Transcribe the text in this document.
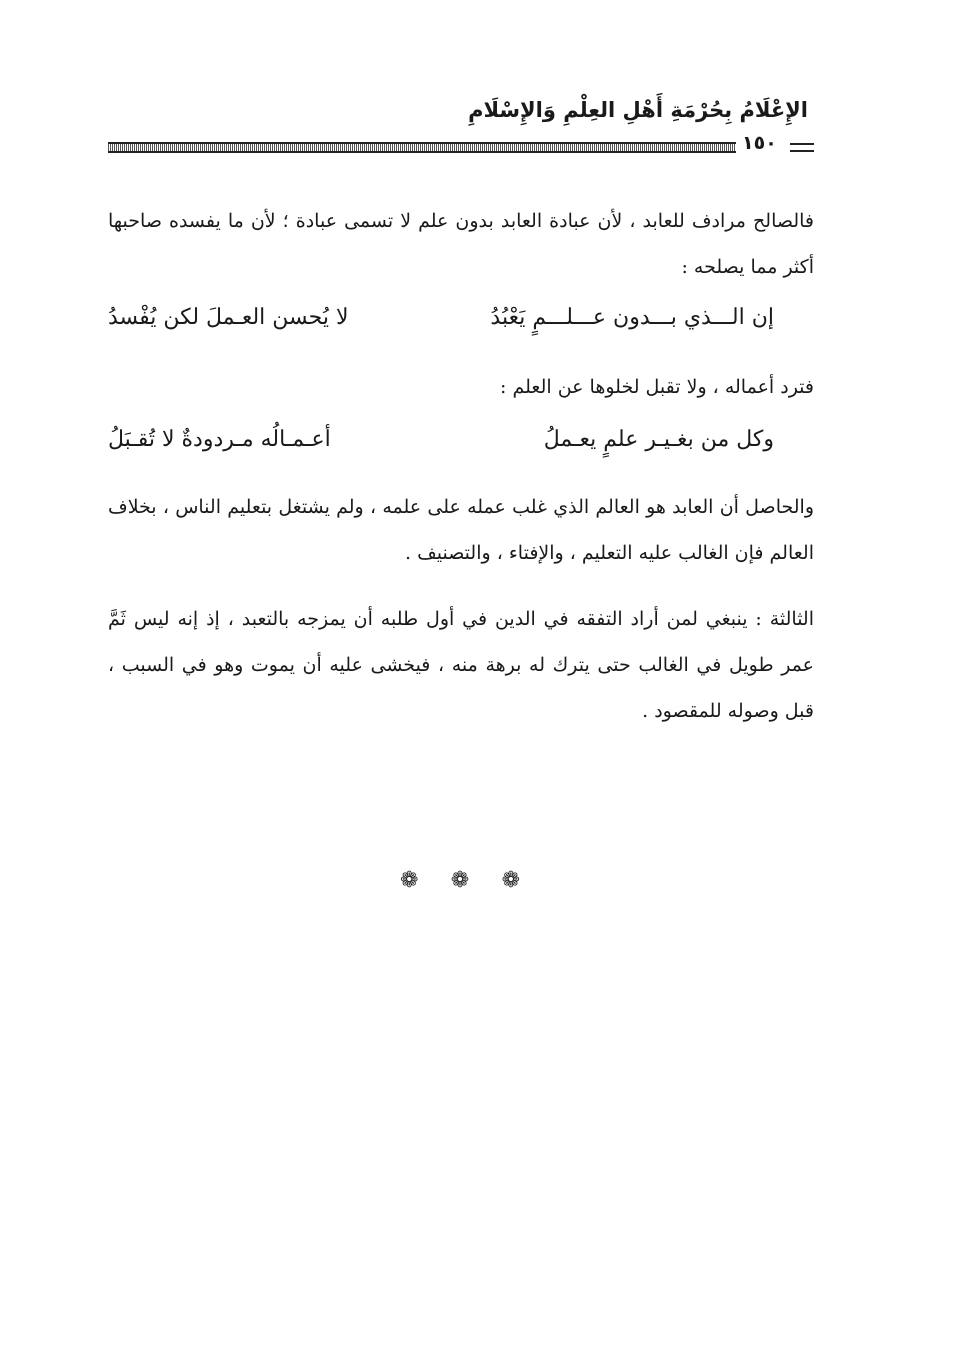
الإِعْلَامُ بِحُرْمَةِ أَهْلِ العِلْمِ وَالإِسْلَامِ
١٥٠
فالصالح مرادف للعابد ، لأن عبادة العابد بدون علم لا تسمى عبادة ؛ لأن ما يفسده صاحبها أكثر مما يصلحه :
إن الـــذي بـــدون عـــلـــمٍ يَعْبُدُ
لا يُحسن العـملَ لكن يُفْسدُ
فترد أعماله ، ولا تقبل لخلوها عن العلم :
وكل من بغـيـر علمٍ يعـملُ
أعـمـالُه مـردودةٌ لا تُقـبَلُ
والحاصل أن العابد هو العالم الذي غلب عمله على علمه ، ولم يشتغل بتعليم الناس ، بخلاف العالم فإن الغالب عليه التعليم ، والإفتاء ، والتصنيف .
الثالثة : ينبغي لمن أراد التفقه في الدين في أول طلبه أن يمزجه بالتعبد ، إذ إنه ليس ثَمَّ عمر طويل في الغالب حتى يترك له برهة منه ، فيخشى عليه أن يموت وهو في السبب ، قبل وصوله للمقصود .
❁ ❁ ❁
